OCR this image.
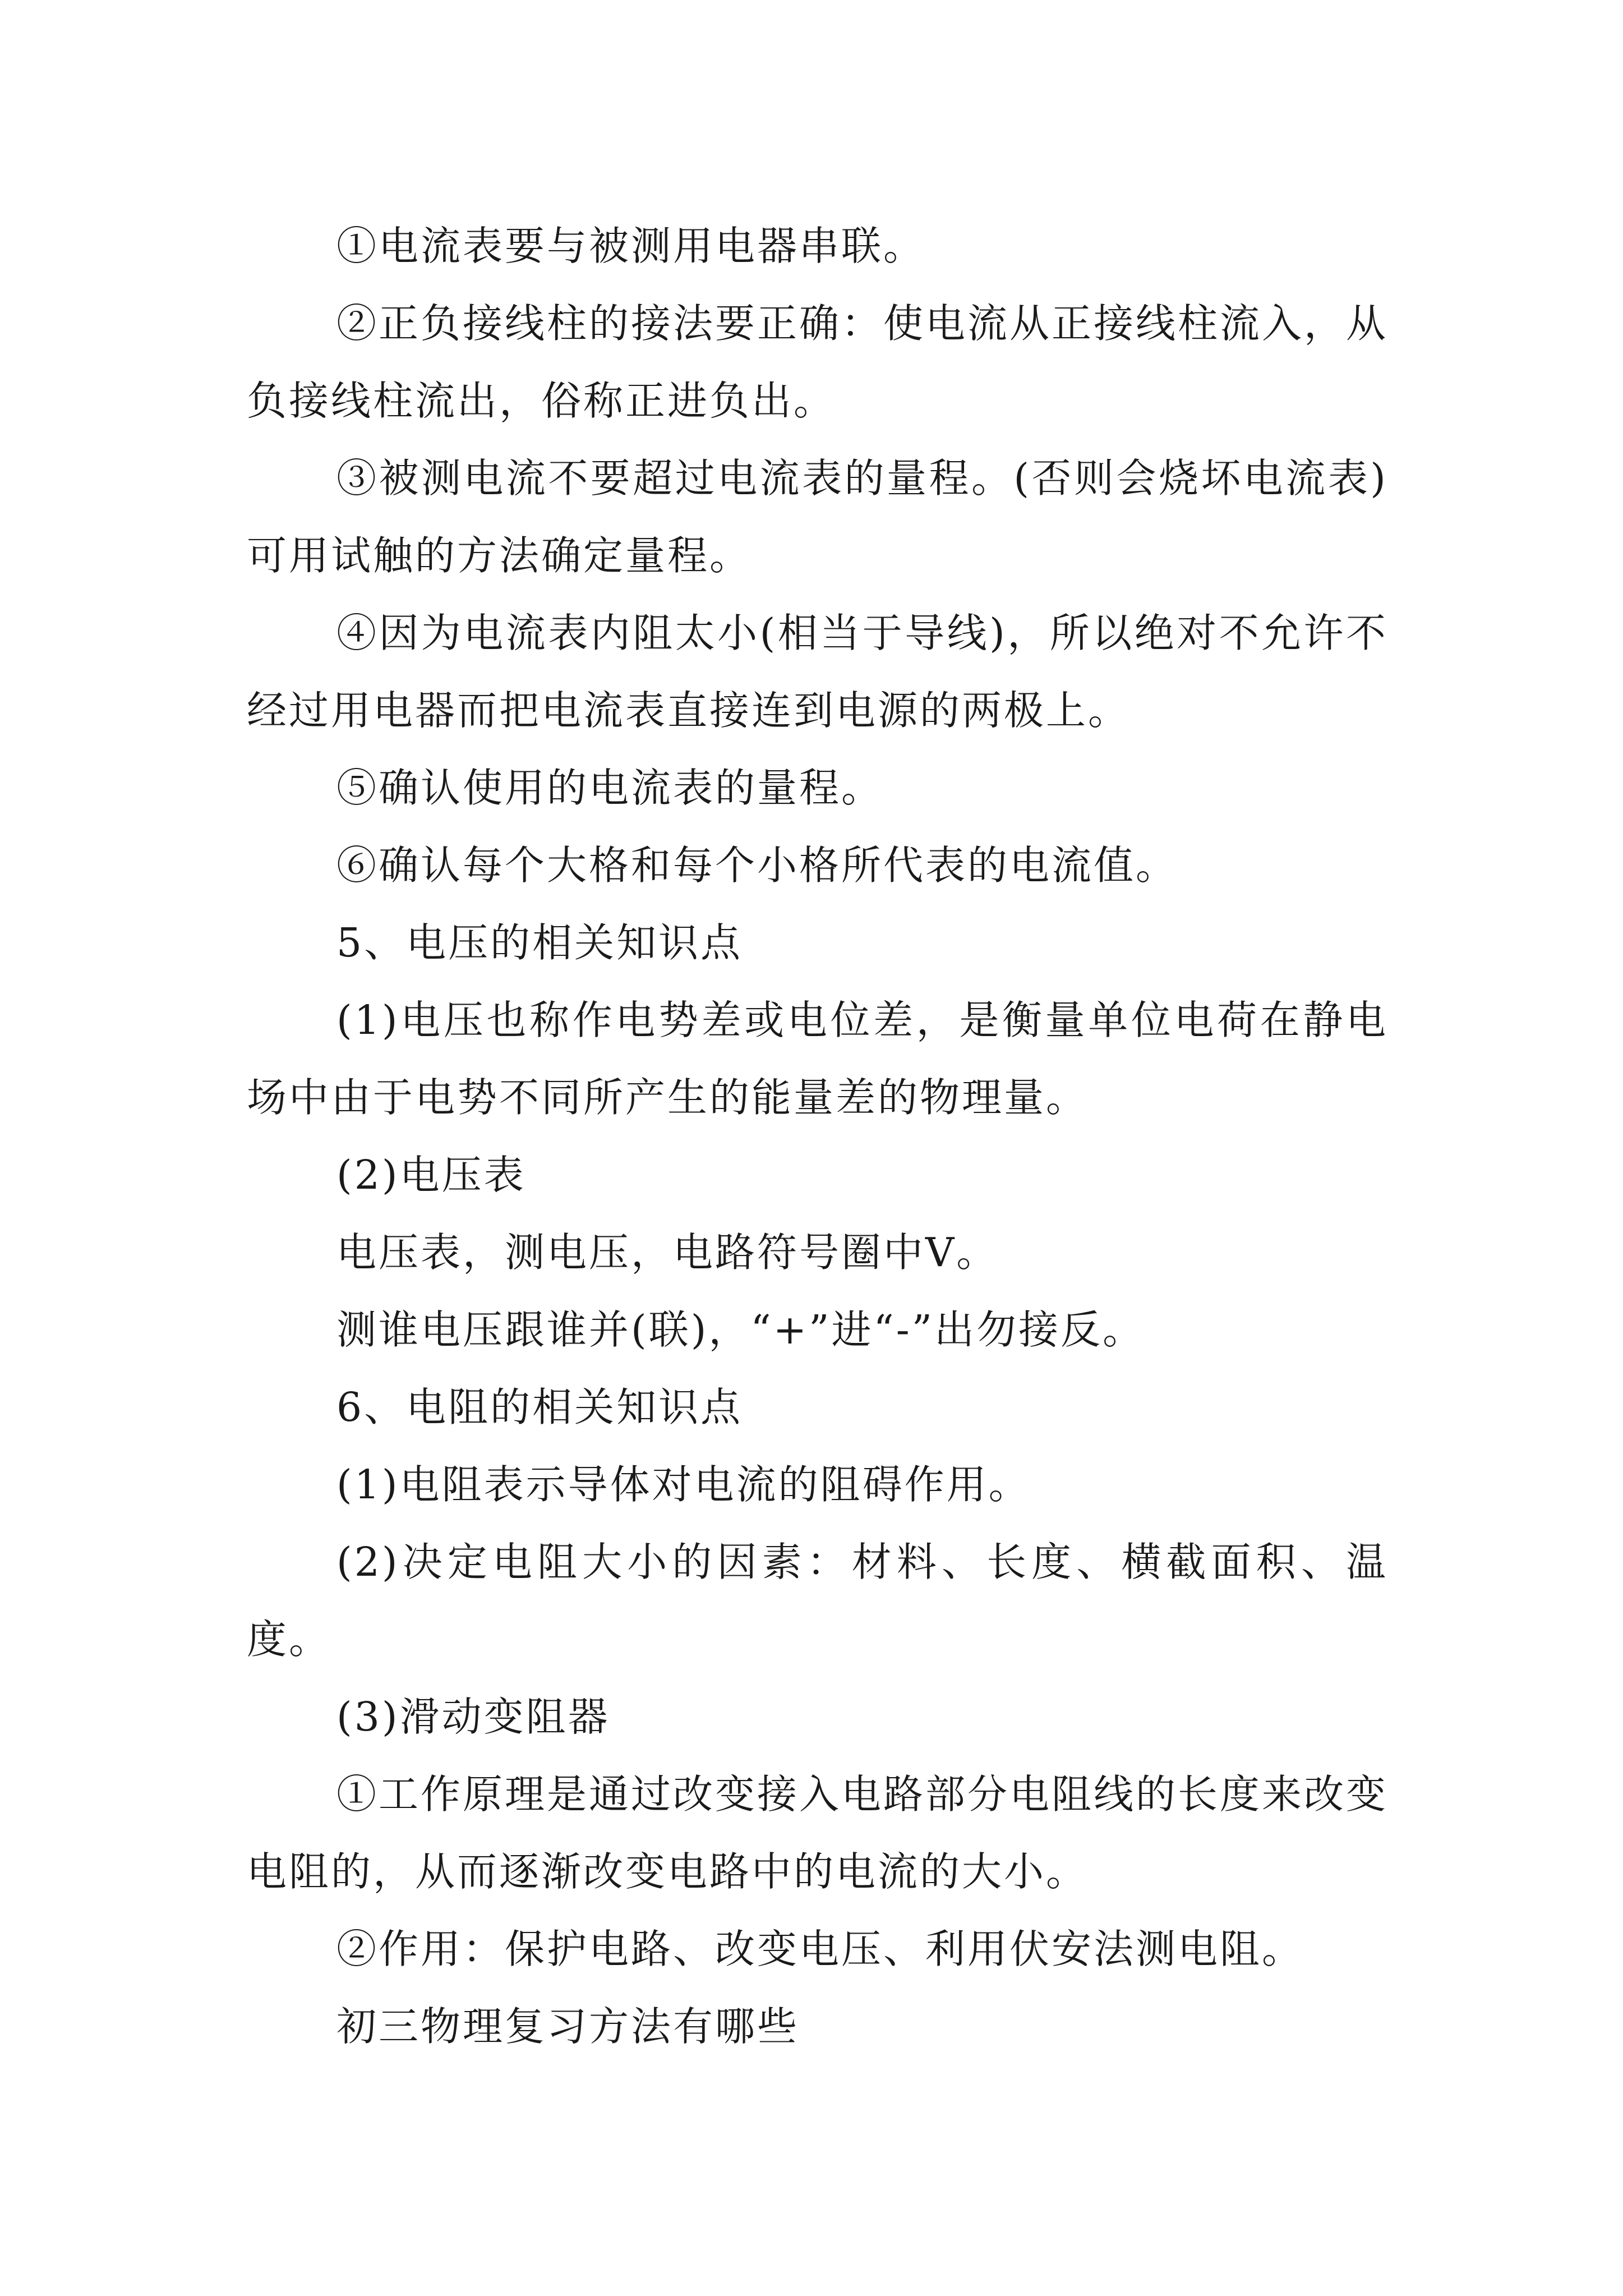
①电流表要与被测用电器串联。

②正负接线柱的接法要正确：使电流从正接线柱流入，从负接线柱流出，俗称正进负出。

③被测电流不要超过电流表的量程。(否则会烧坏电流表)可用试触的方法确定量程。

④因为电流表内阻太小(相当于导线)，所以绝对不允许不经过用电器而把电流表直接连到电源的两极上。

⑤确认使用的电流表的量程。

⑥确认每个大格和每个小格所代表的电流值。

5、电压的相关知识点

(1)电压也称作电势差或电位差，是衡量单位电荷在静电场中由于电势不同所产生的能量差的物理量。

(2)电压表

电压表，测电压，电路符号圈中V。

测谁电压跟谁并(联)，“+”进“-”出勿接反。

6、电阻的相关知识点

(1)电阻表示导体对电流的阻碍作用。

(2)决定电阻大小的因素：材料、长度、横截面积、温度。

(3)滑动变阻器

①工作原理是通过改变接入电路部分电阻线的长度来改变电阻的，从而逐渐改变电路中的电流的大小。

②作用：保护电路、改变电压、利用伏安法测电阻。

初三物理复习方法有哪些
